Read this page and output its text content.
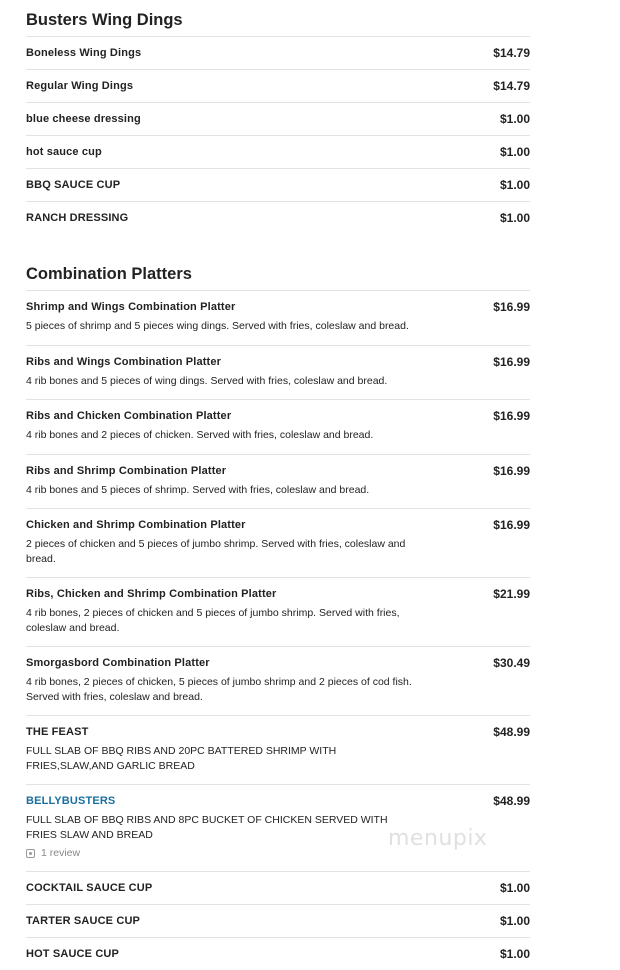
Busters Wing Dings
Boneless Wing Dings	$14.79
Regular Wing Dings	$14.79
blue cheese dressing	$1.00
hot sauce cup	$1.00
BBQ SAUCE CUP	$1.00
RANCH DRESSING	$1.00
Combination Platters
Shrimp and Wings Combination Platter	$16.99
5 pieces of shrimp and 5 pieces wing dings. Served with fries, coleslaw and bread.
Ribs and Wings Combination Platter	$16.99
4 rib bones and 5 pieces of wing dings. Served with fries, coleslaw and bread.
Ribs and Chicken Combination Platter	$16.99
4 rib bones and 2 pieces of chicken. Served with fries, coleslaw and bread.
Ribs and Shrimp Combination Platter	$16.99
4 rib bones and 5 pieces of shrimp. Served with fries, coleslaw and bread.
Chicken and Shrimp Combination Platter	$16.99
2 pieces of chicken and 5 pieces of jumbo shrimp. Served with fries, coleslaw and bread.
Ribs, Chicken and Shrimp Combination Platter	$21.99
4 rib bones, 2 pieces of chicken and 5 pieces of jumbo shrimp. Served with fries, coleslaw and bread.
Smorgasbord Combination Platter	$30.49
4 rib bones, 2 pieces of chicken, 5 pieces of jumbo shrimp and 2 pieces of cod fish. Served with fries, coleslaw and bread.
THE FEAST	$48.99
FULL SLAB OF BBQ RIBS AND 20PC BATTERED SHRIMP WITH FRIES,SLAW,AND GARLIC BREAD
BELLYBUSTERS	$48.99
FULL SLAB OF BBQ RIBS AND 8PC BUCKET OF CHICKEN SERVED WITH FRIES SLAW AND BREAD
1 review
COCKTAIL SAUCE CUP	$1.00
TARTER SAUCE CUP	$1.00
HOT SAUCE CUP	$1.00
menupix
